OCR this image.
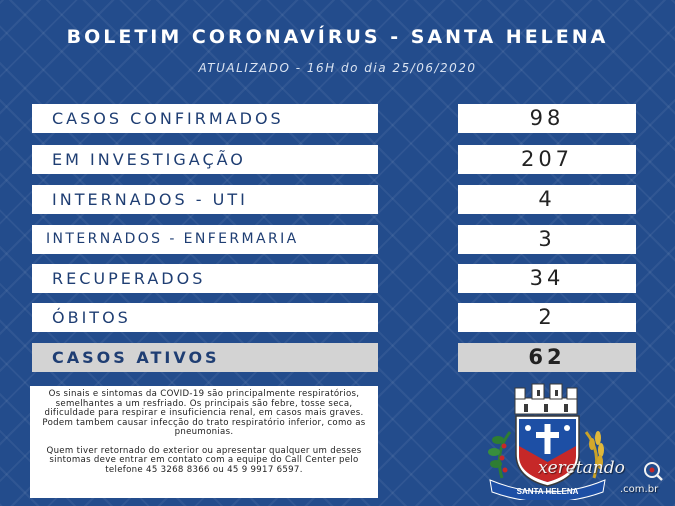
BOLETIM CORONAVÍRUS - SANTA HELENA
ATUALIZADO - 16H do dia 25/06/2020
CASOS CONFIRMADOS	98
EM INVESTIGAÇÃO	207
INTERNADOS - UTI	4
INTERNADOS - ENFERMARIA	3
RECUPERADOS	34
ÓBITOS	2
CASOS ATIVOS	62

Os sinais e sintomas da COVID-19 são principalmente respiratórios, semelhantes a um resfriado. Os principais são febre, tosse seca, dificuldade para respirar e insuficiencia renal, em casos mais graves. Podem tambem causar infecção do trato respiratório inferior, como as pneumonias.

Quem tiver retornado do exterior ou apresentar qualquer um desses sintomas deve entrar em contato com a equipe do Call Center pelo telefone 45 3268 8366 ou 45 9 9917 6597.

SANTA HELENA
xeretando
.com.br
